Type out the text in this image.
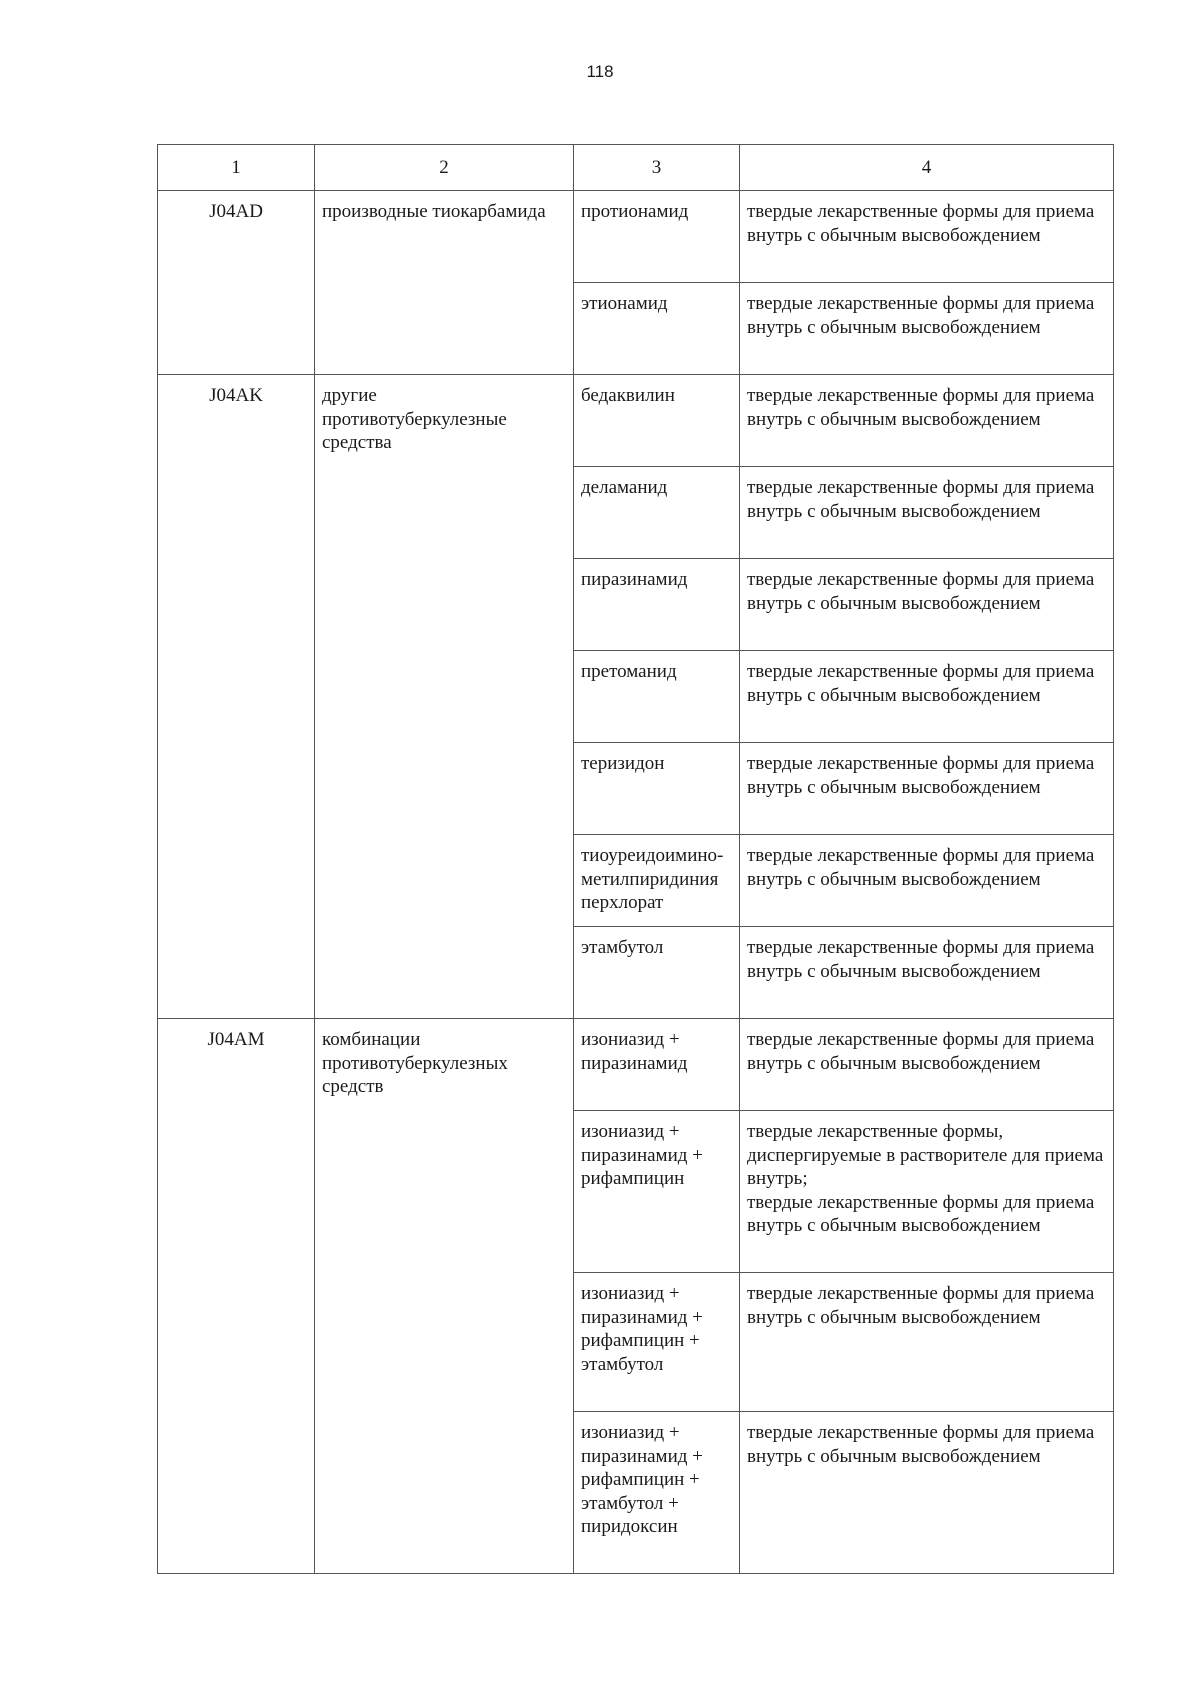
118
1	2	3	4
J04AD	производные тиокарбамида	протионамид	твердые лекарственные формы для приема внутрь с обычным высвобождением
		этионамид	твердые лекарственные формы для приема внутрь с обычным высвобождением
J04AK	другие противотуберкулезные средства	бедаквилин	твердые лекарственные формы для приема внутрь с обычным высвобождением
		деламанид	твердые лекарственные формы для приема внутрь с обычным высвобождением
		пиразинамид	твердые лекарственные формы для приема внутрь с обычным высвобождением
		претоманид	твердые лекарственные формы для приема внутрь с обычным высвобождением
		теризидон	твердые лекарственные формы для приема внутрь с обычным высвобождением
		тиоуреидоимино-метилпиридиния перхлорат	твердые лекарственные формы для приема внутрь с обычным высвобождением
		этамбутол	твердые лекарственные формы для приема внутрь с обычным высвобождением
J04AM	комбинации противотуберкулезных средств	изониазид + пиразинамид	твердые лекарственные формы для приема внутрь с обычным высвобождением
		изониазид + пиразинамид + рифампицин	твердые лекарственные формы, диспергируемые в растворителе для приема внутрь;
твердые лекарственные формы для приема внутрь с обычным высвобождением
		изониазид + пиразинамид + рифампицин + этамбутол	твердые лекарственные формы для приема внутрь с обычным высвобождением
		изониазид + пиразинамид + рифампицин + этамбутол + пиридоксин	твердые лекарственные формы для приема внутрь с обычным высвобождением
